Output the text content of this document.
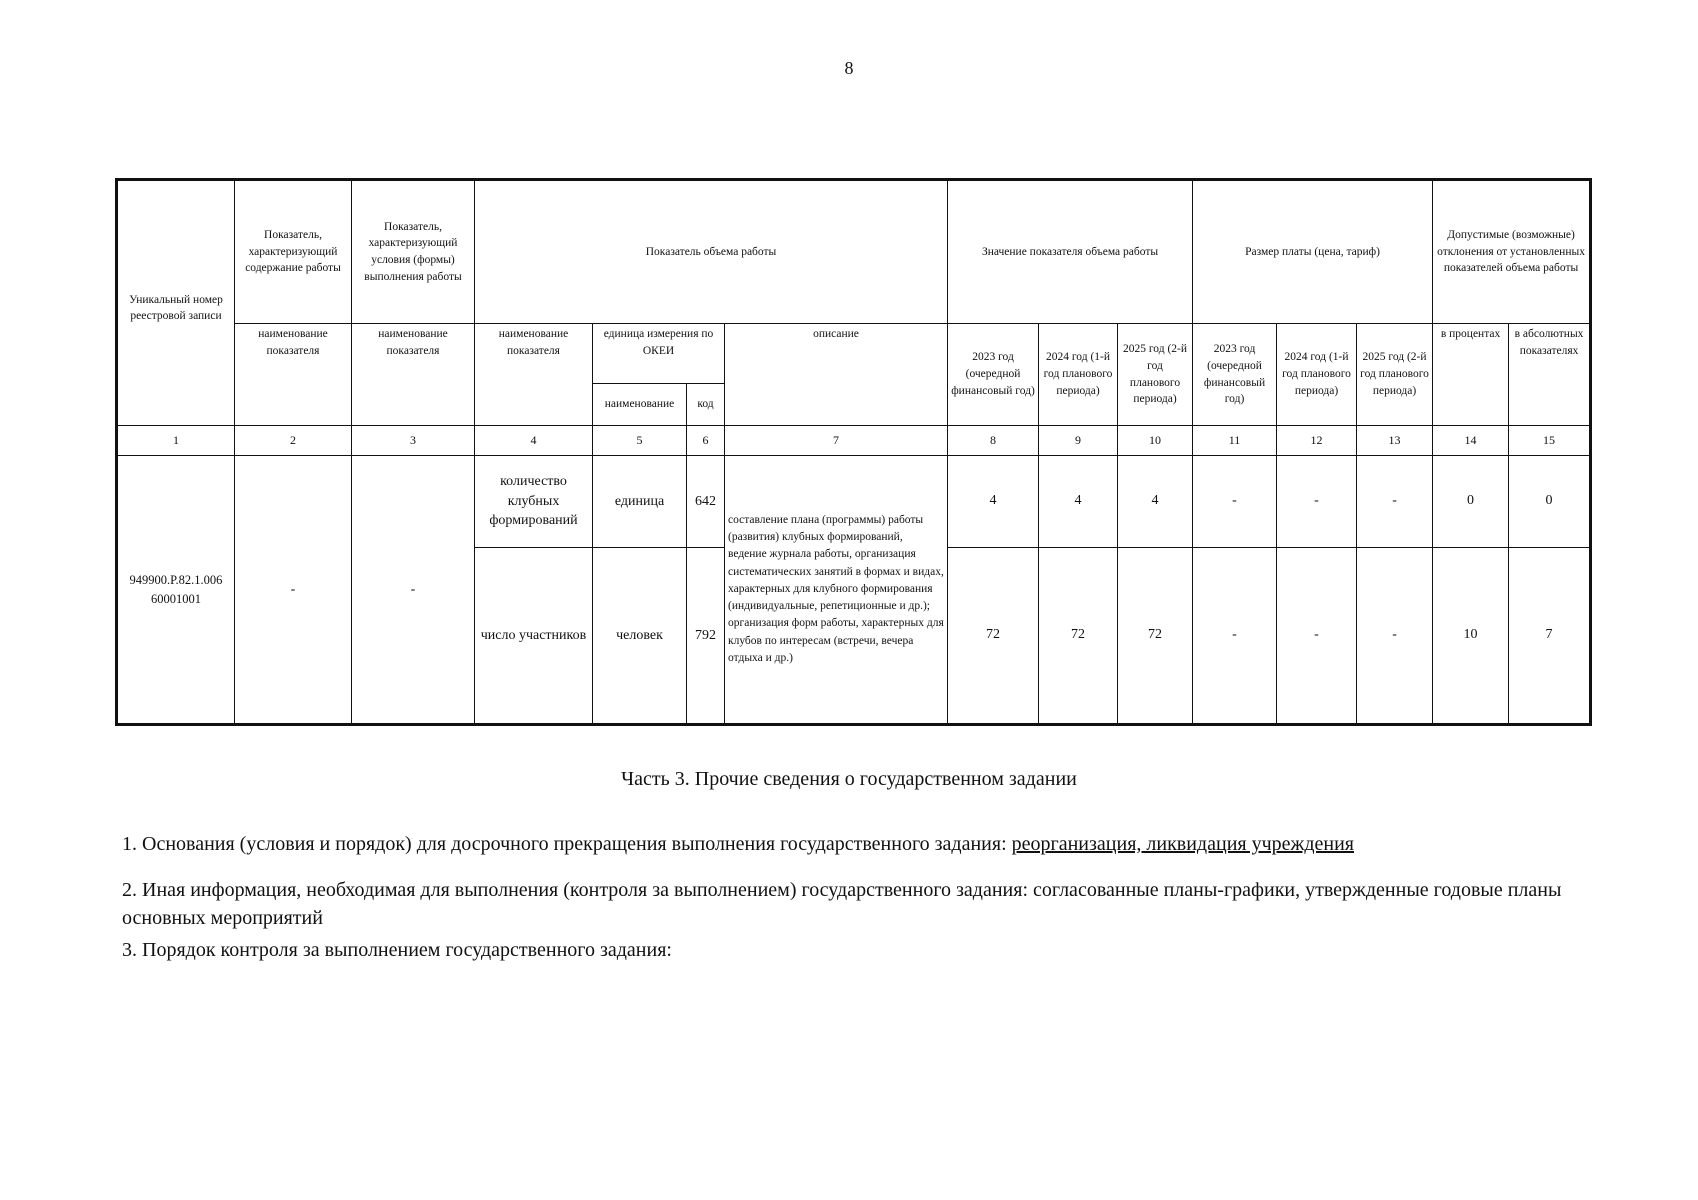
8
Уникальный номер реестровой записи	Показатель, характеризующий содержание работы	Показатель, характеризующий условия (формы) выполнения работы	Показатель объема работы				Значение показателя объема работы			Размер платы (цена, тариф)			Допустимые (возможные) отклонения от установленных показателей объема работы	
	наименование показателя	наименование показателя	наименование показателя	единица измерения по ОКЕИ		описание	2023 год (очередной финансовый год)	2024 год (1-й год планового периода)	2025 год (2-й год планового периода)	2023 год (очередной финансовый год)	2024 год (1-й год планового периода)	2025 год (2-й год планового периода)	в процентах	в абсолютных показателях
				наименование	код									
1	2	3	4	5	6	7	8	9	10	11	12	13	14	15
949900.Р.82.1.006 60001001	-	-	количество клубных формирований	единица	642	составление плана (программы) работы (развития) клубных формирований, ведение журнала работы, организация систематических занятий в формах и видах, характерных для клубного формирования (индивидуальные, репетиционные и др.); организация форм работы, характерных для клубов по интересам (встречи, вечера отдыха и др.)	4	4	4	-	-	-	0	0
			число участников	человек	792		72	72	72	-	-	-	10	7
Часть 3. Прочие сведения о государственном задании
1. Основания (условия и порядок) для досрочного прекращения выполнения государственного задания: реорганизация, ликвидация учреждения
2. Иная информация, необходимая для выполнения (контроля за выполнением) государственного задания: согласованные планы-графики, утвержденные годовые планы основных мероприятий
3. Порядок контроля за выполнением государственного задания:
